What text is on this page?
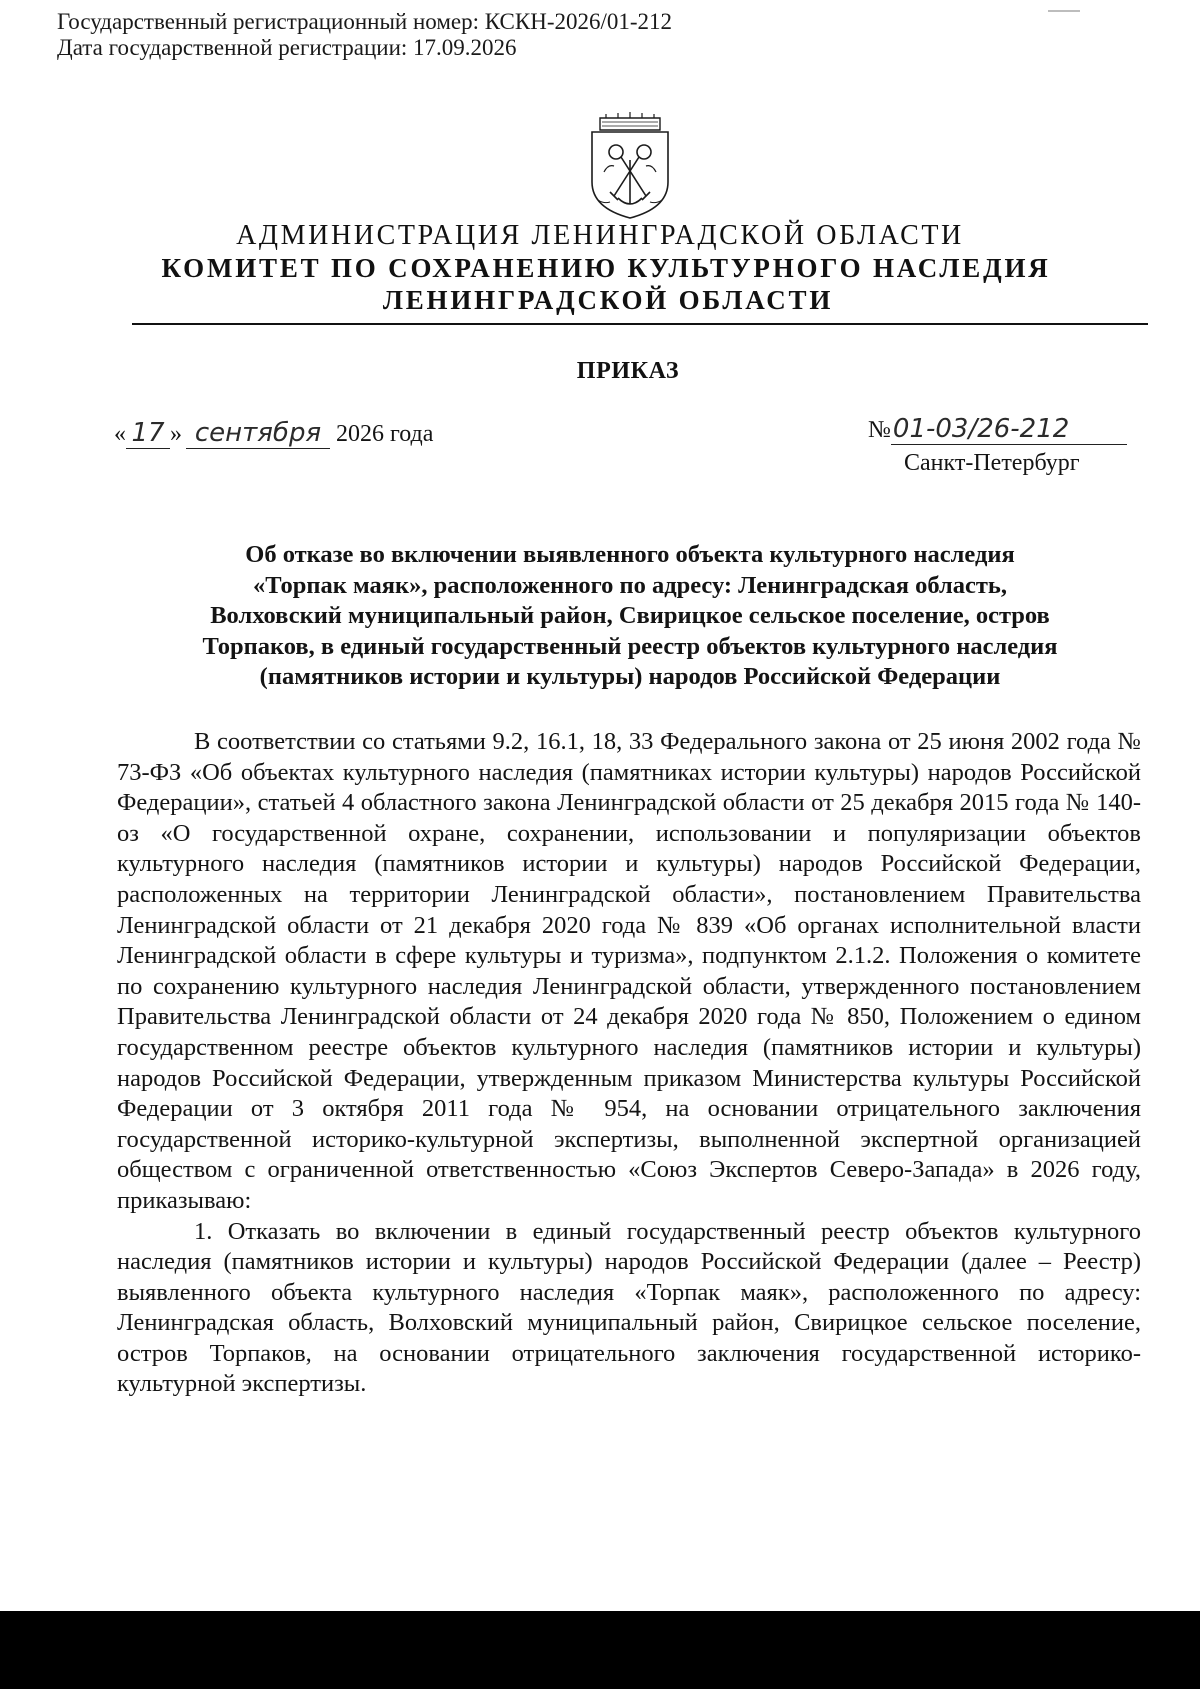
Государственный регистрационный номер: КСКН-2026/01-212
Дата государственной регистрации: 17.09.2026
АДМИНИСТРАЦИЯ ЛЕНИНГРАДСКОЙ ОБЛАСТИ
КОМИТЕТ ПО СОХРАНЕНИЮ КУЛЬТУРНОГО НАСЛЕДИЯ
ЛЕНИНГРАДСКОЙ ОБЛАСТИ
ПРИКАЗ
« 17 » сентября 2026 года	№01-03/26-212
Санкт-Петербург
Об отказе во включении выявленного объекта культурного наследия
«Торпак маяк», расположенного по адресу: Ленинградская область,
Волховский муниципальный район, Свирицкое сельское поселение, остров
Торпаков, в единый государственный реестр объектов культурного наследия
(памятников истории и культуры) народов Российской Федерации

В соответствии со статьями 9.2, 16.1, 18, 33 Федерального закона от 25 июня 2002 года № 73-ФЗ «Об объектах культурного наследия (памятниках истории культуры) народов Российской Федерации», статьей 4 областного закона Ленинградской области от 25 декабря 2015 года № 140-оз «О государственной охране, сохранении, использовании и популяризации объектов культурного наследия (памятников истории и культуры) народов Российской Федерации, расположенных на территории Ленинградской области», постановлением Правительства Ленинградской области от 21 декабря 2020 года № 839 «Об органах исполнительной власти Ленинградской области в сфере культуры и туризма», подпунктом 2.1.2. Положения о комитете по сохранению культурного наследия Ленинградской области, утвержденного постановлением Правительства Ленинградской области от 24 декабря 2020 года № 850, Положением о едином государственном реестре объектов культурного наследия (памятников истории и культуры) народов Российской Федерации, утвержденным приказом Министерства культуры Российской Федерации от 3 октября 2011 года № 954, на основании отрицательного заключения государственной историко-культурной экспертизы, выполненной экспертной организацией обществом с ограниченной ответственностью «Союз Экспертов Северо-Запада» в 2026 году, приказываю:

1. Отказать во включении в единый государственный реестр объектов культурного наследия (памятников истории и культуры) народов Российской Федерации (далее – Реестр) выявленного объекта культурного наследия «Торпак маяк», расположенного по адресу: Ленинградская область, Волховский муниципальный район, Свирицкое сельское поселение, остров Торпаков, на основании отрицательного заключения государственной историко-культурной экспертизы.
